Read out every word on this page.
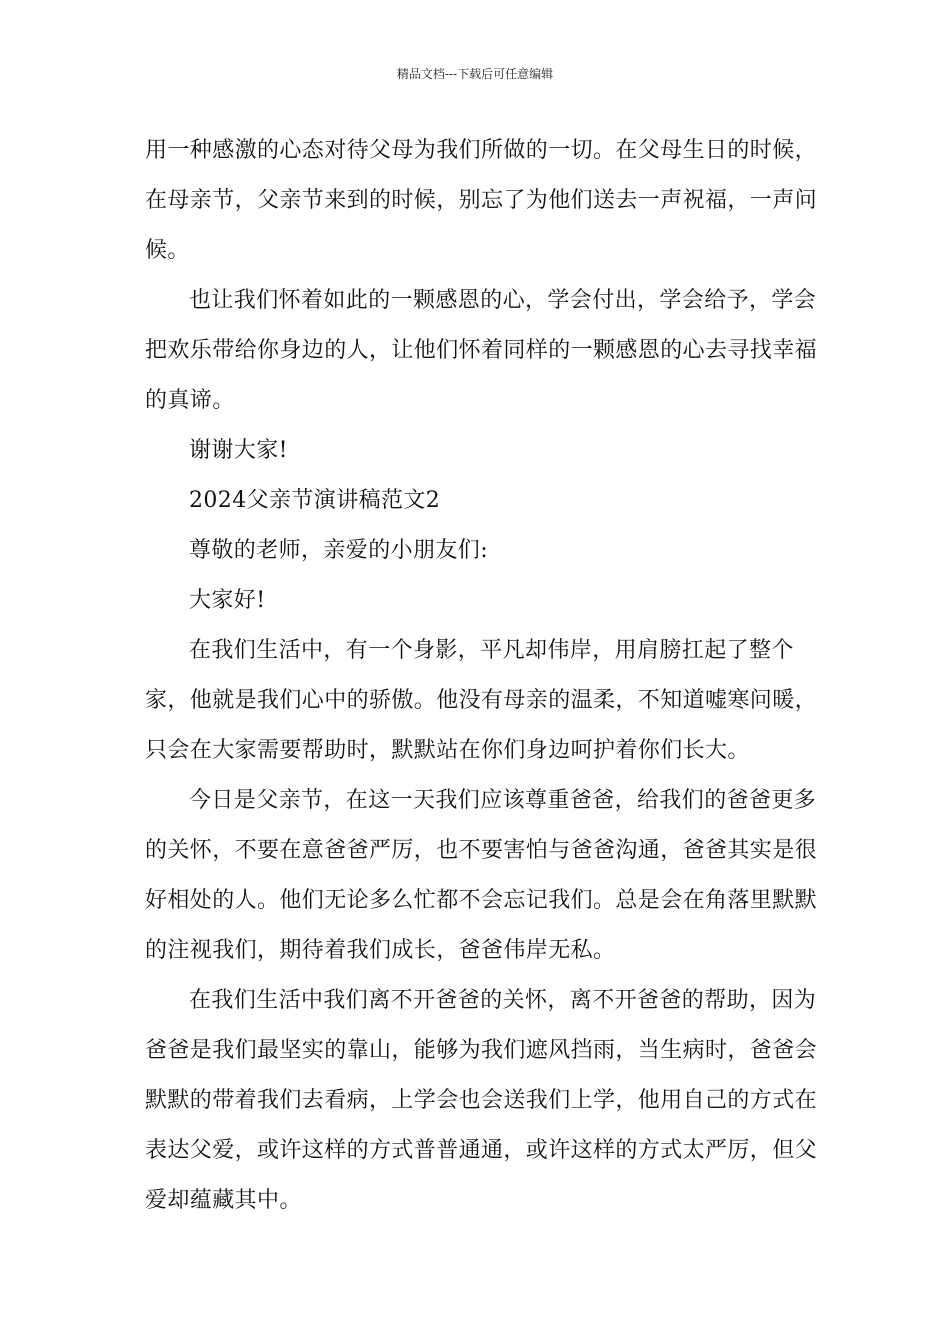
精品文档---下载后可任意编辑

用一种感激的心态对待父母为我们所做的一切。在父母生日的时候，在母亲节，父亲节来到的时候，别忘了为他们送去一声祝福，一声问候。

也让我们怀着如此的一颗感恩的心，学会付出，学会给予，学会把欢乐带给你身边的人，让他们怀着同样的一颗感恩的心去寻找幸福的真谛。

谢谢大家!

2024父亲节演讲稿范文2

尊敬的老师，亲爱的小朋友们:

大家好!

在我们生活中，有一个身影，平凡却伟岸，用肩膀扛起了整个家，他就是我们心中的骄傲。他没有母亲的温柔，不知道嘘寒问暖，只会在大家需要帮助时，默默站在你们身边呵护着你们长大。

今日是父亲节，在这一天我们应该尊重爸爸，给我们的爸爸更多的关怀，不要在意爸爸严厉，也不要害怕与爸爸沟通，爸爸其实是很好相处的人。他们无论多么忙都不会忘记我们。总是会在角落里默默的注视我们，期待着我们成长，爸爸伟岸无私。

在我们生活中我们离不开爸爸的关怀，离不开爸爸的帮助，因为爸爸是我们最坚实的靠山，能够为我们遮风挡雨，当生病时，爸爸会默默的带着我们去看病，上学会也会送我们上学，他用自己的方式在表达父爱，或许这样的方式普普通通，或许这样的方式太严厉，但父爱却蕴藏其中。
